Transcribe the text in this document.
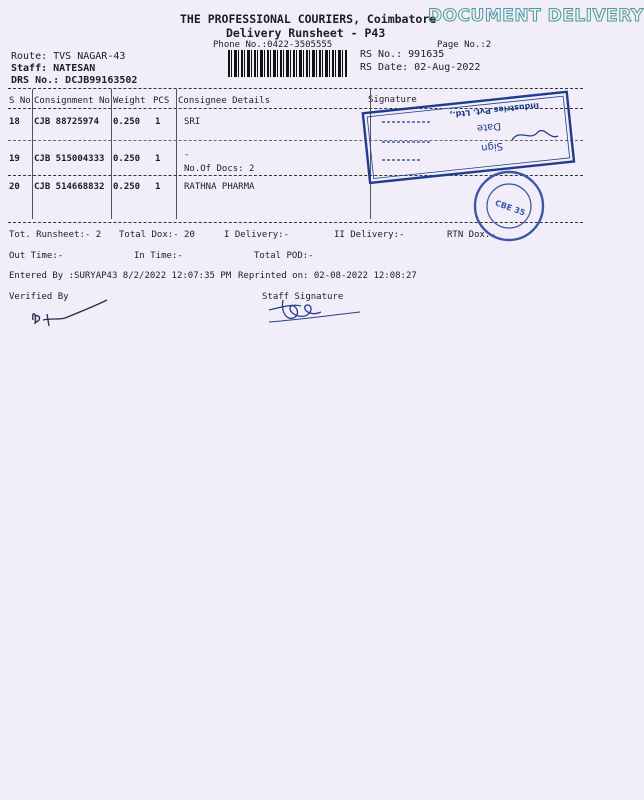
THE PROFESSIONAL COURIERS, Coimbatore
DOCUMENT DELIVERY
Delivery Runsheet - P43
Phone No.:0422-3505555	Page No.:2
Route: TVS NAGAR-43
Staff: NATESAN
DRS No.: DCJB99163502
RS No.: 991635
RS Date: 02-Aug-2022
S No Consignment No Weight PCS Consignee Details	Signature
18 CJB 88725974 0.250 1	SRI
19 CJB 515004333 0.250 1	-
No.Of Docs: 2
20 CJB 514668832 0.250 1	RATHNA PHARMA
Tot. Runsheet:- 2 Total Dox:- 20	I Delivery:-	II Delivery:-	RTN Dox:-
Out Time:-	In Time:-	Total POD:-
Entered By :SURYAP43 8/2/2022 12:07:35 PM Reprinted on: 02-08-2022 12:08:27
Verified By	Staff Signature
Sign
Date
Industries Pvt. Ltd.,
CBE 35
